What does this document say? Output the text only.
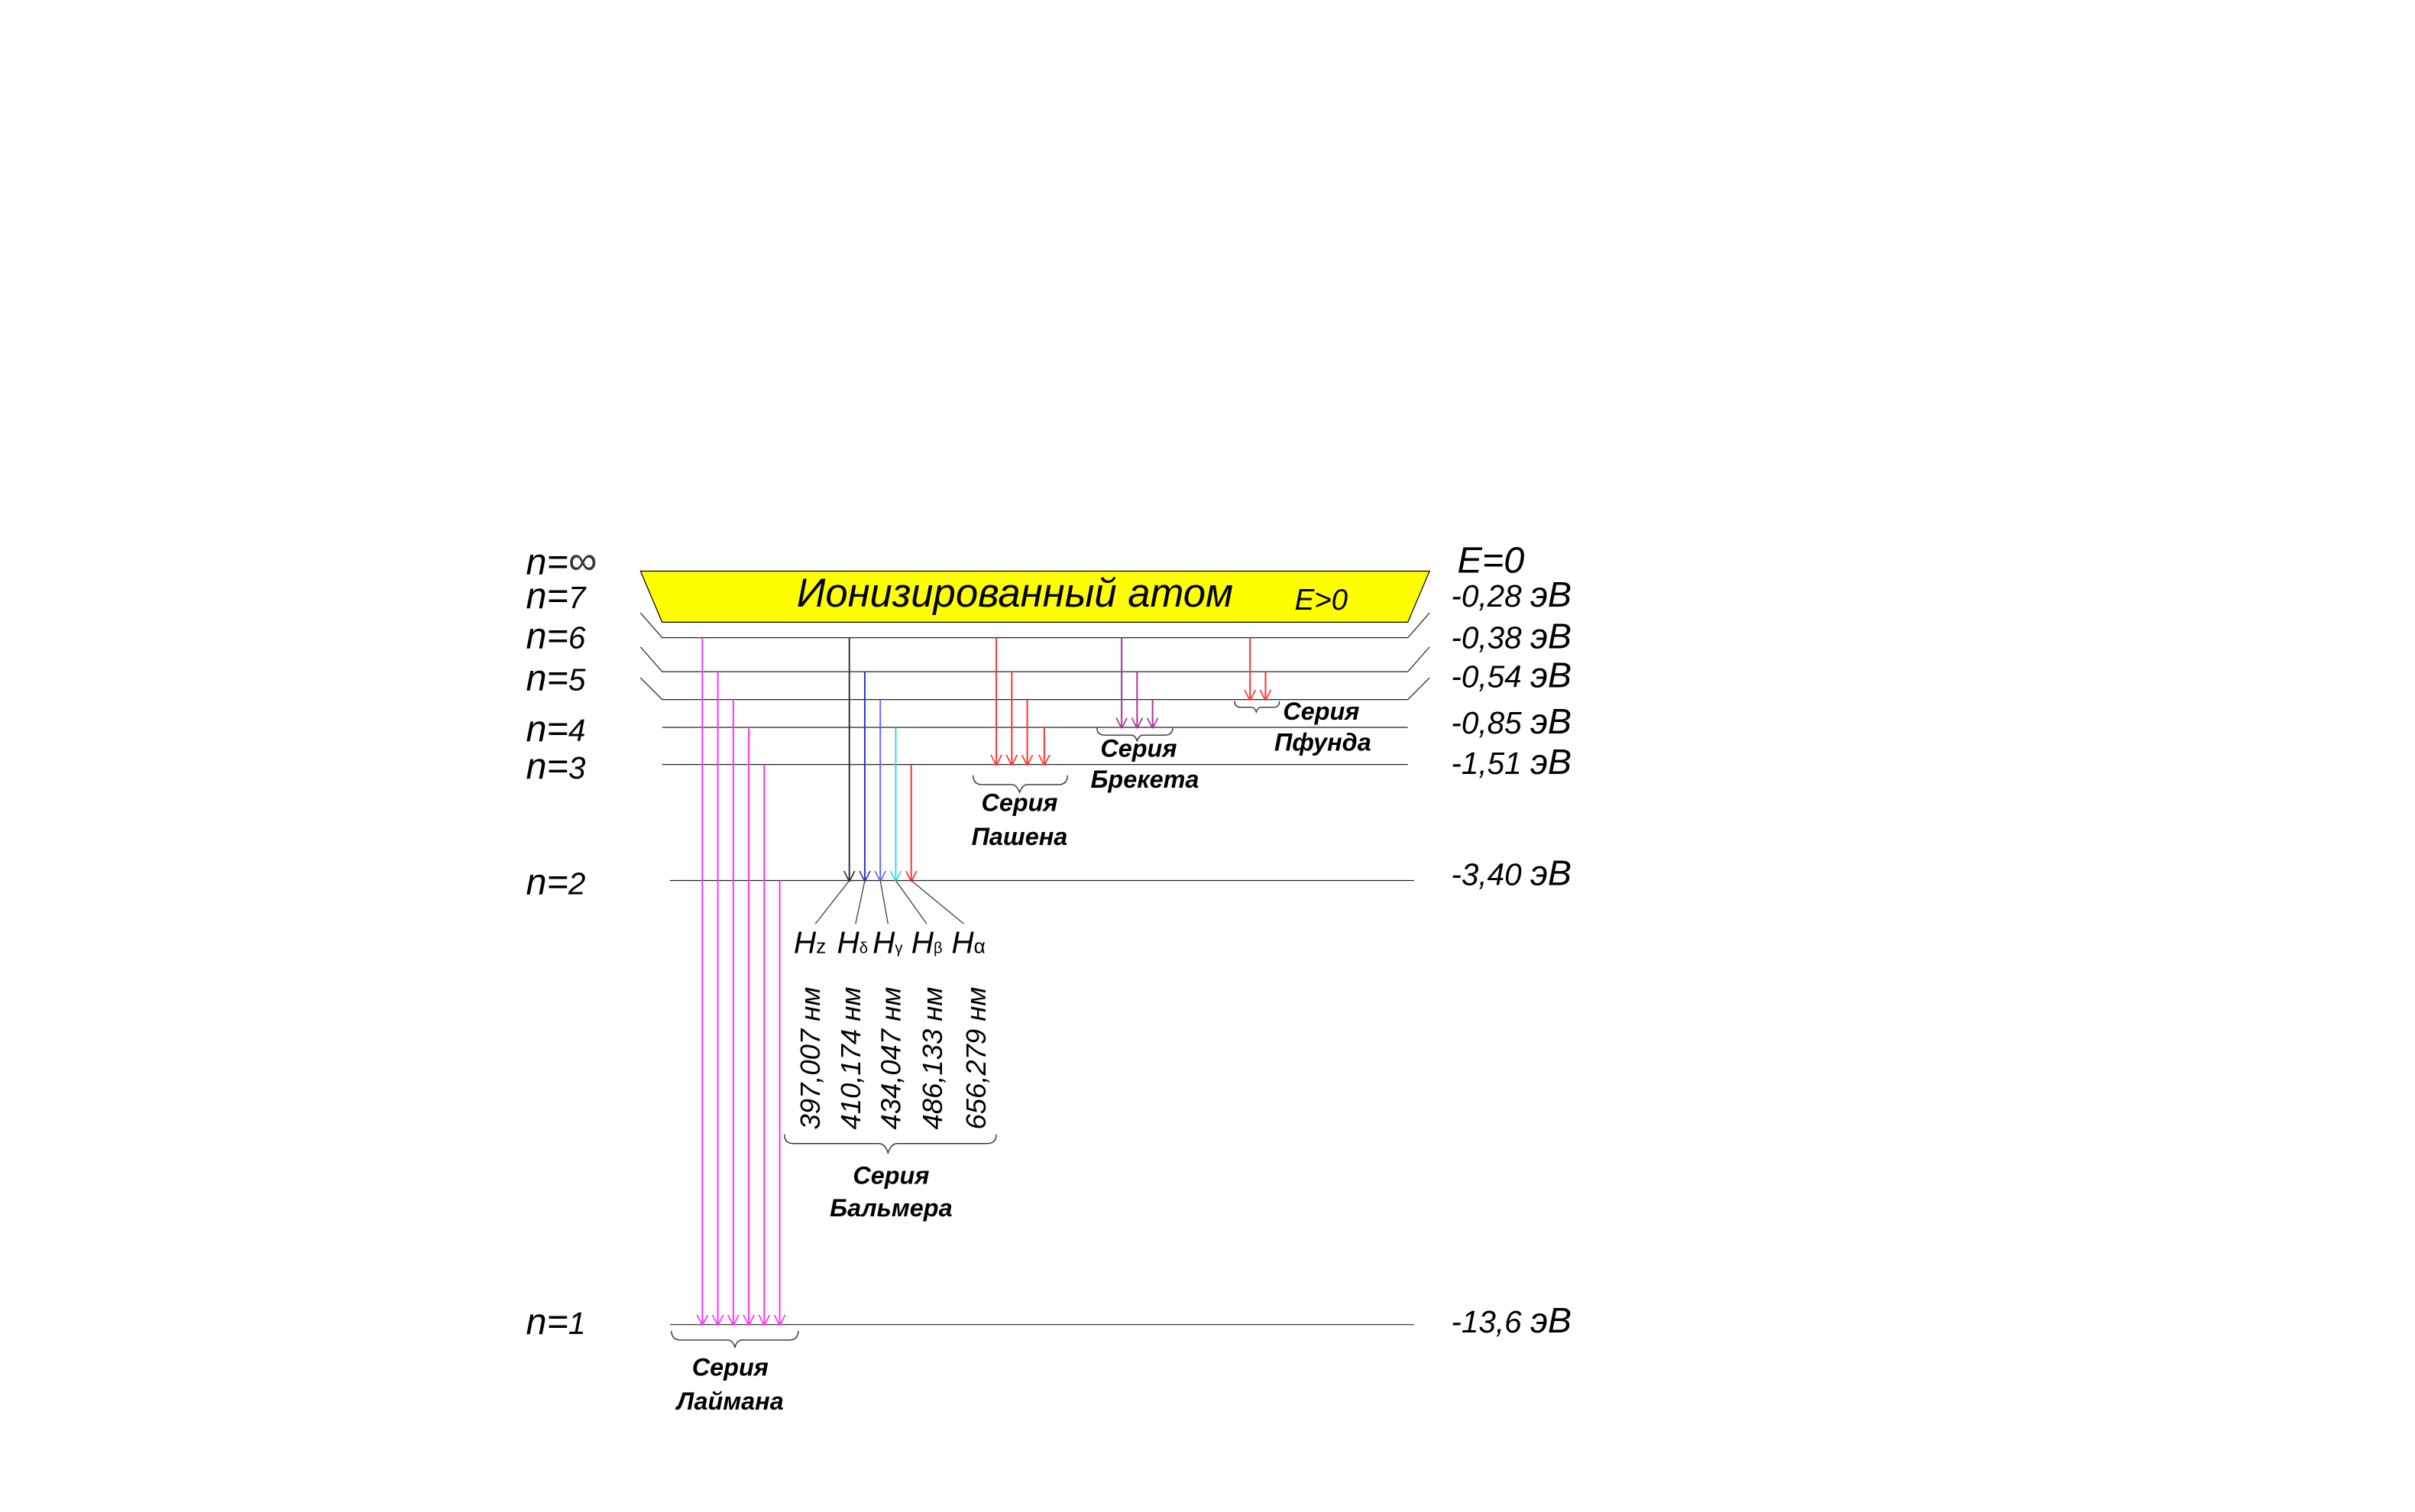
Ионизированный атом	E>0
n=∞
n=7
n=6
n=5
n=4
n=3
n=2
n=1
E=0
-0,28 эВ
-0,38 эВ
-0,54 эВ
-0,85 эВ
-1,51 эВ
-3,40 эВ
-13,6 эВ
Hz Hδ Hγ Hβ Hα
397,007 нм 410,174 нм 434,047 нм 486,133 нм 656,279 нм
Серия
Лаймана
Серия
Бальмера
Серия
Пашена
Серия
Брекета
Серия
Пфунда
